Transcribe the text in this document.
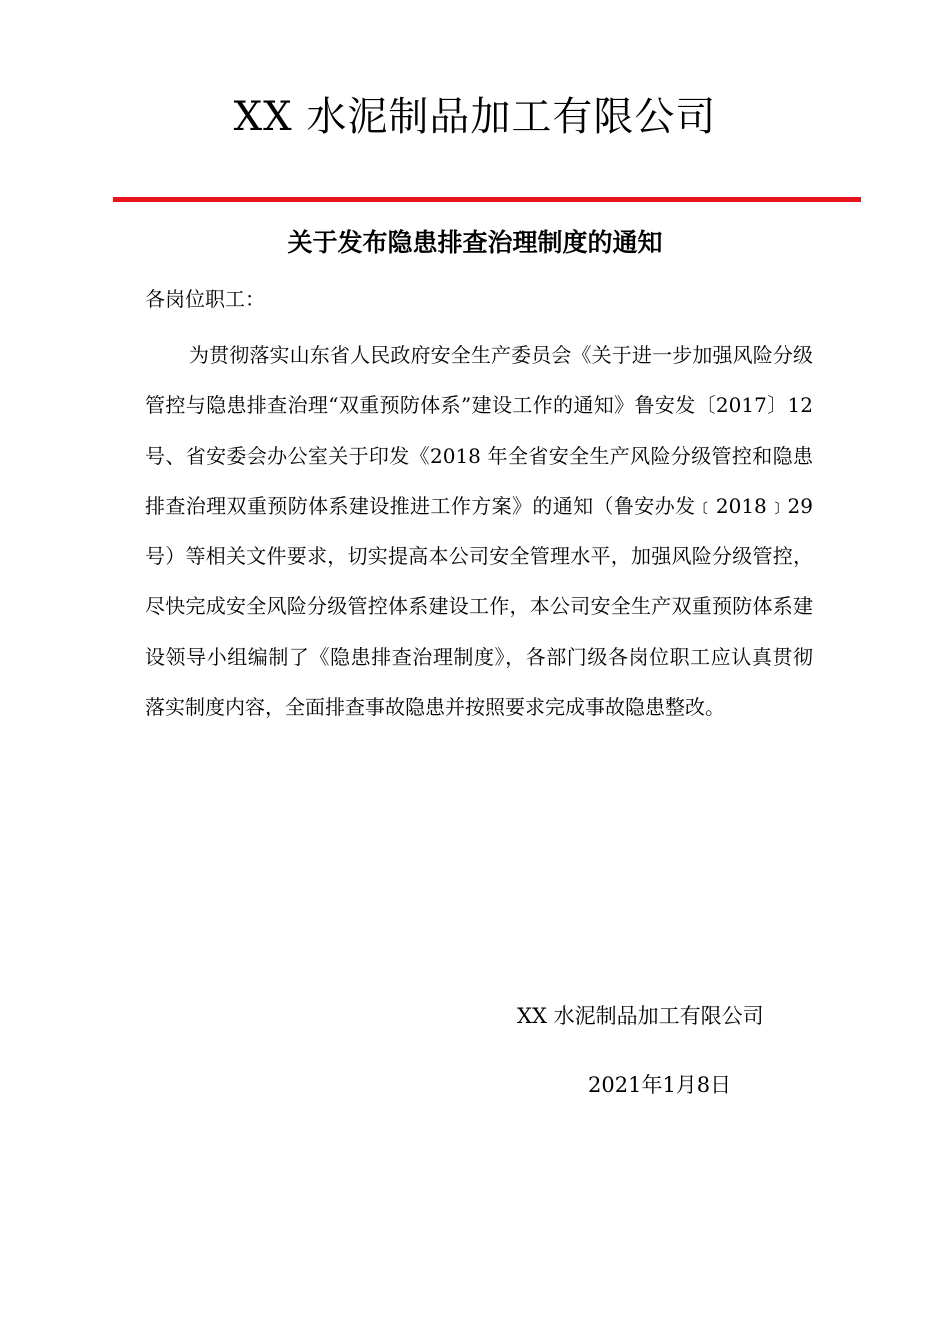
XX 水泥制品加工有限公司
关于发布隐患排查治理制度的通知
各岗位职工：
为贯彻落实山东省人民政府安全生产委员会《关于进一步加强风险分级管控与隐患排查治理“双重预防体系”建设工作的通知》鲁安发〔2017〕12 号、省安委会办公室关于印发《2018 年全省安全生产风险分级管控和隐患排查治理双重预防体系建设推进工作方案》的通知（鲁安办发﹝2018﹞29 号）等相关文件要求，切实提高本公司安全管理水平，加强风险分级管控，尽快完成安全风险分级管控体系建设工作，本公司安全生产双重预防体系建设领导小组编制了《隐患排查治理制度》，各部门级各岗位职工应认真贯彻落实制度内容，全面排查事故隐患并按照要求完成事故隐患整改。
XX 水泥制品加工有限公司
2021年1月8日
